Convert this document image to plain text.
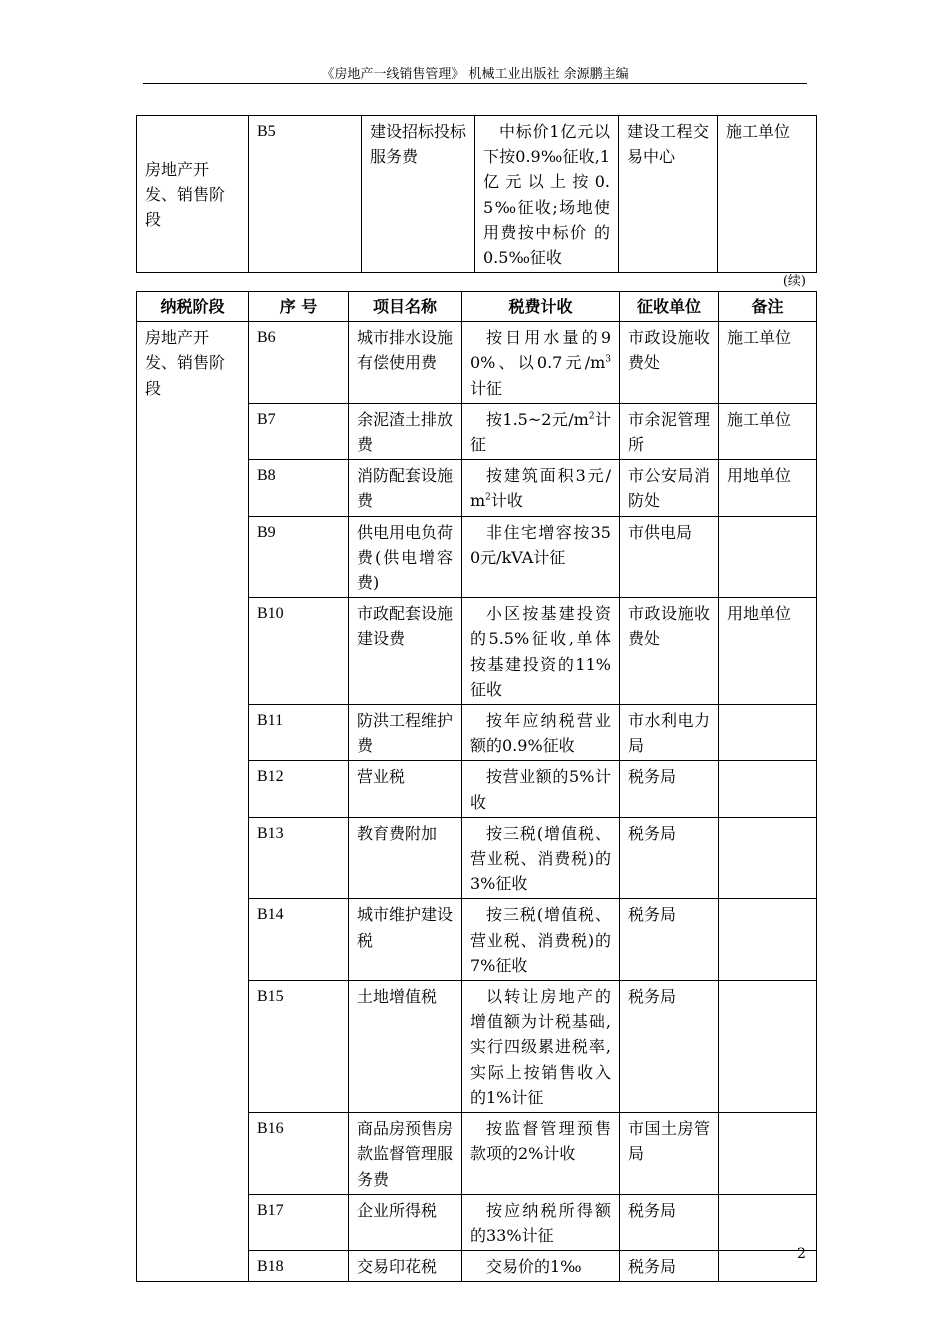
《房地产一线销售管理》 机械工业出版社 余源鹏主编
房地产开发、销售阶段	B5	建设招标投标服务费	中标价1亿元以下按0.9‰征收,1亿元以上按0. 5‰征收;场地使用费按中标价 的0.5‰征收	建设工程交易中心	施工单位
(续)
纳税阶段	序 号	项目名称	税费计收	征收单位	备注
房地产开发、销售阶段	B6	城市排水设施有偿使用费	按日用水量的90%、以0.7元$/m^3$计征	市政设施收费处	施工单位
	B7	余泥渣土排放费	按1.5~2元$/m^2$计征	市余泥管理所	施工单位
	B8	消防配套设施费	按建筑面积3元$/m^2$计收	市公安局消防处	用地单位
	B9	供电用电负荷费(供电增容费)	非住宅增容按350元/kVA计征	市供电局	
	B10	市政配套设施建设费	小区按基建投资的5.5%征收,单体按基建投资的11%征收	市政设施收费处	用地单位
	B11	防洪工程维护费	按年应纳税营业额的0.9%征收	市水利电力局	
	B12	营业税	按营业额的5%计收	税务局	
	B13	教育费附加	按三税(增值税、营业税、消费税)的3%征收	税务局	
	B14	城市维护建设税	按三税(增值税、营业税、消费税)的7%征收	税务局	
	B15	土地增值税	以转让房地产的增值额为计税基础,实行四级累进税率,实际上按销售收入的1%计征	税务局	
	B16	商品房预售房款监督管理服务费	按监督管理预售款项的2%计收	市国土房管局	
	B17	企业所得税	按应纳税所得额的33%计征	税务局	
	B18	交易印花税	交易价的1‰	税务局	
2
